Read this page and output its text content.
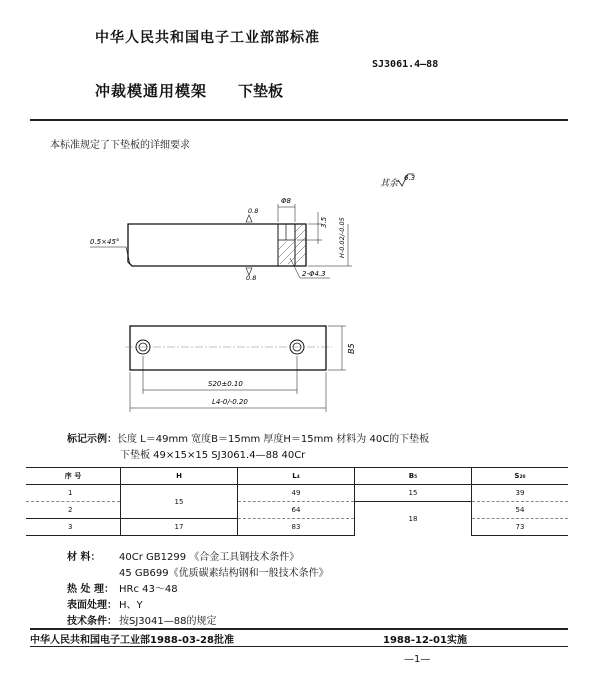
中华人民共和国电子工业部部标准
SJ3061.4—88
冲裁模通用模架 下垫板
本标准规定了下垫板的详细要求
其余
6.3
0.5×45°
0.8
0.8
Φ8
3.5 H-0.02/-0.05
2-Φ4.3
B5
S20±0.10
L4-0/-0.20
标记示例：长度 L＝49mm 宽度B＝15mm 厚度H＝15mm 材料为 40C的下垫板
下垫板 49×15×15 SJ3061.4—88 40Cr
序 号	H	L₄	B₅	S₂₀
1	15	49	15	39
2		64	18	54
3	17	83		73
材 料： 40Cr GB1299 《合金工具钢技术条件》
45 GB699《优质碳素结构钢和一般技术条件》
热 处 理： HRc 43～48
表面处理： H、Y
技术条件： 按SJ3041—88的规定
中华人民共和国电子工业部1988-03-28批准	1988-12-01实施
—1—
